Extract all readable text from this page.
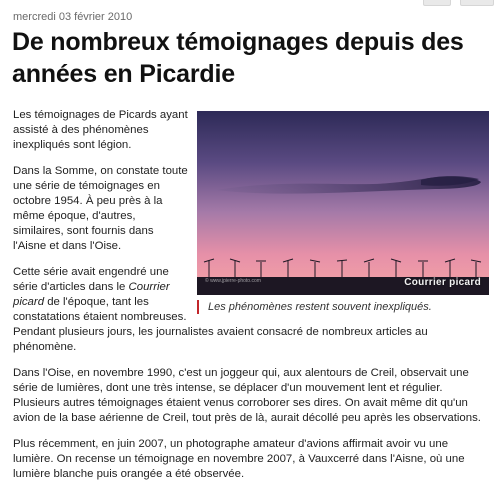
mercredi 03 février 2010
De nombreux témoignages depuis des années en Picardie
© www.jpierre-photo.com	Courrier picard
Les phénomènes restent souvent inexpliqués.

Les témoignages de Picards ayant assisté à des phénomènes inexpliqués sont légion.

Dans la Somme, on constate toute une série de témoignages en octobre 1954. À peu près à la même époque, d'autres, similaires, sont fournis dans l'Aisne et dans l'Oise.

Cette série avait engendré une série d'articles dans le Courrier picard de l'époque, tant les constatations étaient nombreuses. Pendant plusieurs jours, les journalistes avaient consacré de nombreux articles au phénomène.

Dans l'Oise, en novembre 1990, c'est un joggeur qui, aux alentours de Creil, observait une série de lumières, dont une très intense, se déplacer d'un mouvement lent et régulier. Plusieurs autres témoignages étaient venus corroborer ses dires. On avait même dit qu'un avion de la base aérienne de Creil, tout près de là, aurait décollé peu après les observations.

Plus récemment, en juin 2007, un photographe amateur d'avions affirmait avoir vu une lumière. On recense un témoignage en novembre 2007, à Vauxcerré dans l'Aisne, où une lumière blanche puis orangée a été observée.
